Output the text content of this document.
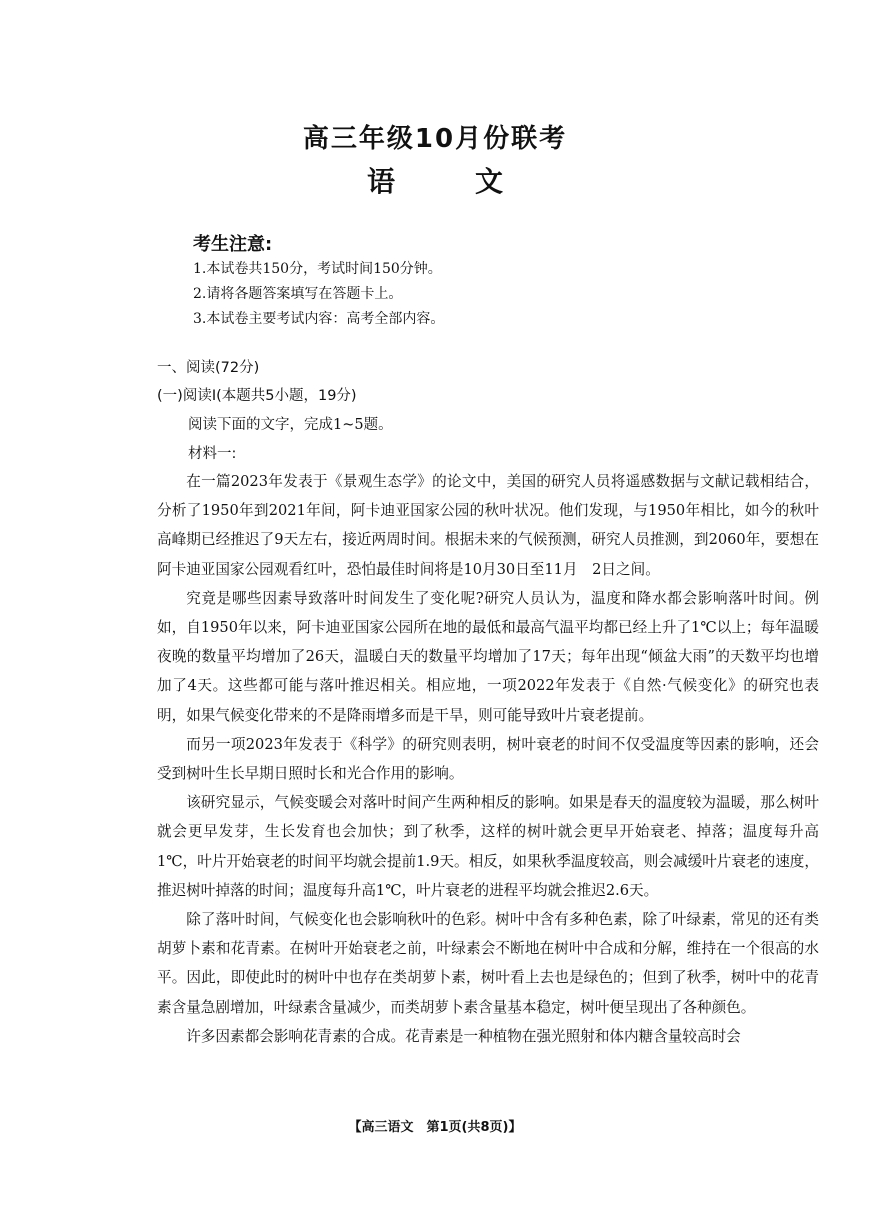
高三年级10月份联考
语	文
考生注意:
1.本试卷共150分，考试时间150分钟。
2.请将各题答案填写在答题卡上。
3.本试卷主要考试内容：高考全部内容。
一、阅读(72分)
(一)阅读Ⅰ(本题共5小题，19分)
阅读下面的文字，完成1~5题。
材料一:

在一篇2023年发表于《景观生态学》的论文中，美国的研究人员将遥感数据与文献记载相结合，分析了1950年到2021年间，阿卡迪亚国家公园的秋叶状况。他们发现，与1950年相比，如今的秋叶高峰期已经推迟了9天左右，接近两周时间。根据未来的气候预测，研究人员推测，到2060年，要想在阿卡迪亚国家公园观看红叶，恐怕最佳时间将是10月30日至11月　2日之间。

究竟是哪些因素导致落叶时间发生了变化呢?研究人员认为，温度和降水都会影响落叶时间。例如，自1950年以来，阿卡迪亚国家公园所在地的最低和最高气温平均都已经上升了1℃以上；每年温暖夜晚的数量平均增加了26天，温暖白天的数量平均增加了17天；每年出现“倾盆大雨”的天数平均也增加了4天。这些都可能与落叶推迟相关。相应地，一项2022年发表于《自然·气候变化》的研究也表明，如果气候变化带来的不是降雨增多而是干旱，则可能导致叶片衰老提前。

而另一项2023年发表于《科学》的研究则表明，树叶衰老的时间不仅受温度等因素的影响，还会受到树叶生长早期日照时长和光合作用的影响。

该研究显示，气候变暖会对落叶时间产生两种相反的影响。如果是春天的温度较为温暖，那么树叶就会更早发芽，生长发育也会加快；到了秋季，这样的树叶就会更早开始衰老、掉落；温度每升高1℃，叶片开始衰老的时间平均就会提前1.9天。相反，如果秋季温度较高，则会减缓叶片衰老的速度，推迟树叶掉落的时间；温度每升高1℃，叶片衰老的进程平均就会推迟2.6天。

除了落叶时间，气候变化也会影响秋叶的色彩。树叶中含有多种色素，除了叶绿素，常见的还有类胡萝卜素和花青素。在树叶开始衰老之前，叶绿素会不断地在树叶中合成和分解，维持在一个很高的水平。因此，即使此时的树叶中也存在类胡萝卜素，树叶看上去也是绿色的；但到了秋季，树叶中的花青素含量急剧增加，叶绿素含量减少，而类胡萝卜素含量基本稳定，树叶便呈现出了各种颜色。

许多因素都会影响花青素的合成。花青素是一种植物在强光照射和体内糖含量较高时会

【高三语文　第1页(共8页)】
